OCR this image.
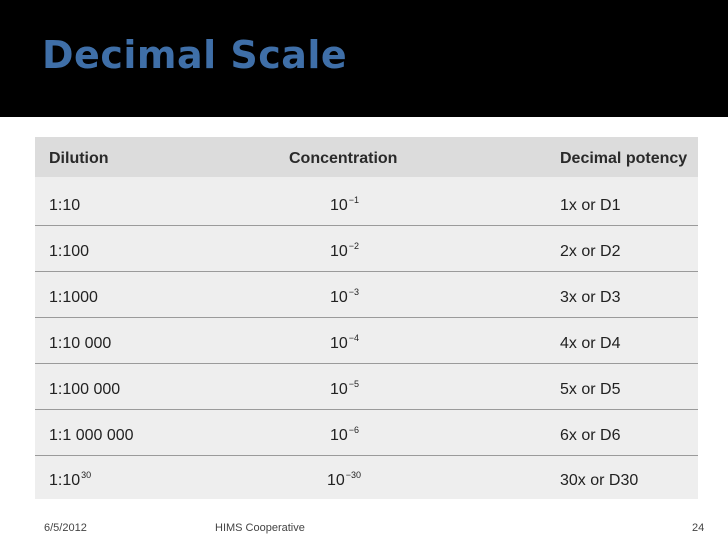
Decimal Scale
Dilution	Concentration	Decimal potency
1:10	$10^{-1}$	1x or D1
1:100	$10^{-2}$	2x or D2
1:1000	$10^{-3}$	3x or D3
1:10 000	$10^{-4}$	4x or D4
1:100 000	$10^{-5}$	5x or D5
1:1 000 000	$10^{-6}$	6x or D6
$1:10^{30}$	$10^{-30}$	30x or D30
6/5/2012	HIMS Cooperative	24
